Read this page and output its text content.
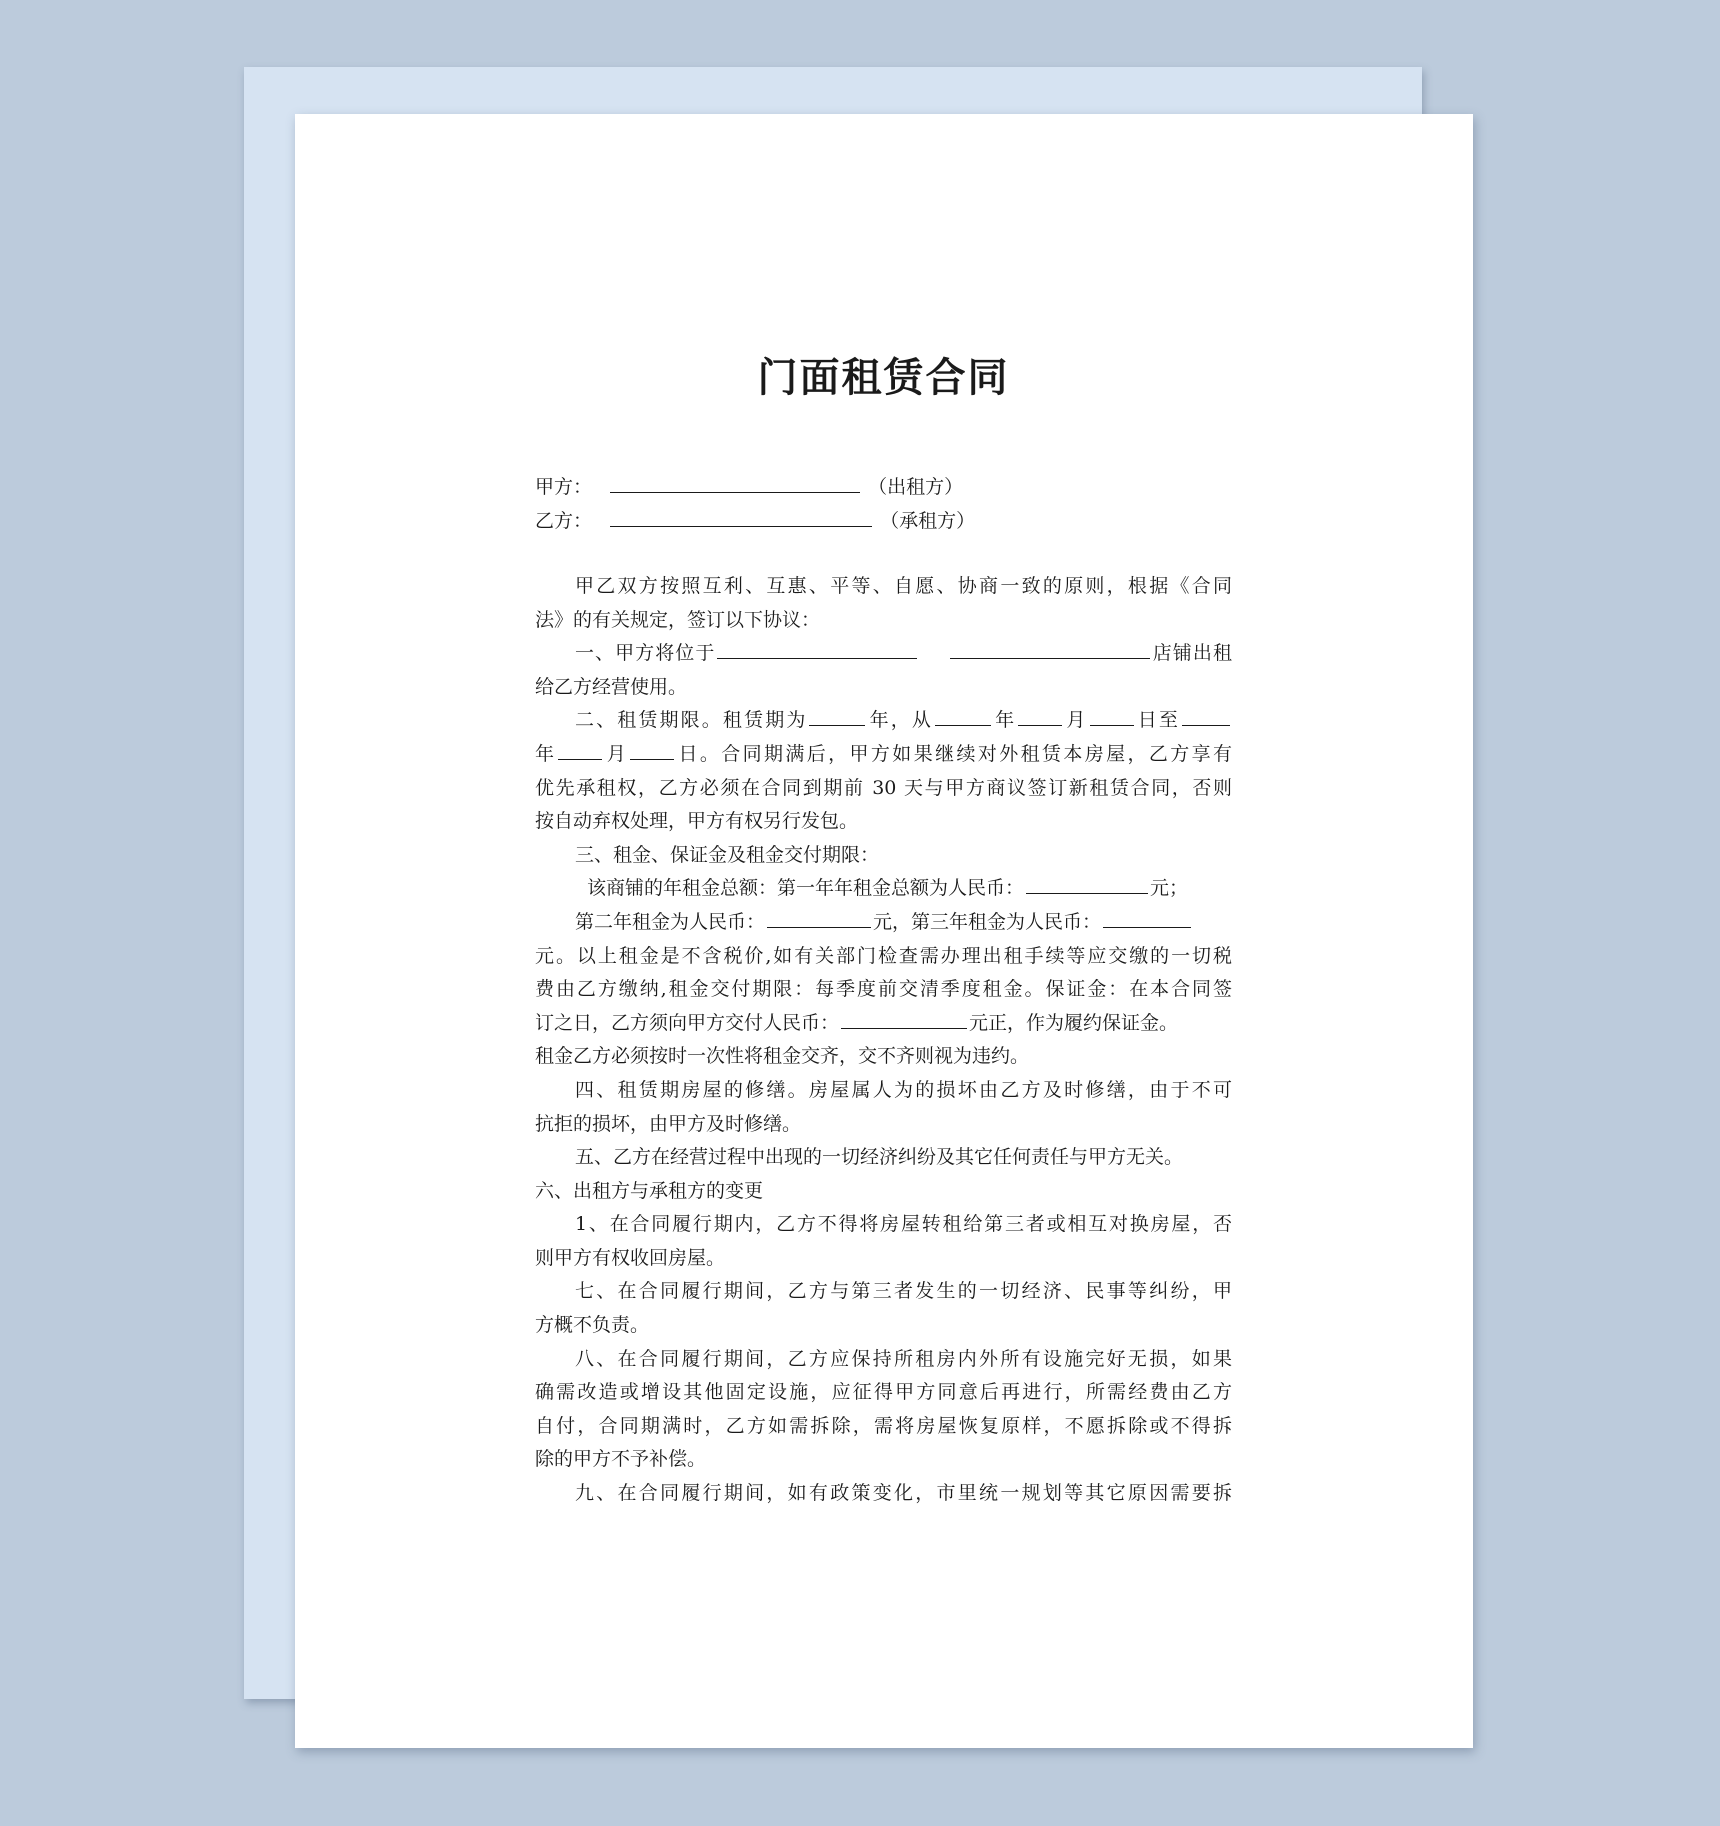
门面租赁合同
甲方：	（出租方）
乙方：	（承租方）
甲乙双方按照互利、互惠、平等、自愿、协商一致的原则，根据《合同
法》的有关规定，签订以下协议：
一、甲方将位于	店铺出租
给乙方经营使用。
二、租赁期限。租赁期为	年，从	年	月	日至
年	月	日。合同期满后，甲方如果继续对外租赁本房屋，乙方享有
优先承租权，乙方必须在合同到期前 30 天与甲方商议签订新租赁合同，否则
按自动弃权处理，甲方有权另行发包。
三、租金、保证金及租金交付期限：
该商铺的年租金总额：第一年年租金总额为人民币：	元；
第二年租金为人民币：	元，第三年租金为人民币：
元。以上租金是不含税价,如有关部门检查需办理出租手续等应交缴的一切税
费由乙方缴纳,租金交付期限：每季度前交清季度租金。保证金：在本合同签
订之日，乙方须向甲方交付人民币：	元正，作为履约保证金。
租金乙方必须按时一次性将租金交齐，交不齐则视为违约。
四、租赁期房屋的修缮。房屋属人为的损坏由乙方及时修缮，由于不可
抗拒的损坏，由甲方及时修缮。
五、乙方在经营过程中出现的一切经济纠纷及其它任何责任与甲方无关。
六、出租方与承租方的变更
1、在合同履行期内，乙方不得将房屋转租给第三者或相互对换房屋，否
则甲方有权收回房屋。
七、在合同履行期间，乙方与第三者发生的一切经济、民事等纠纷，甲
方概不负责。
八、在合同履行期间，乙方应保持所租房内外所有设施完好无损，如果
确需改造或增设其他固定设施，应征得甲方同意后再进行，所需经费由乙方
自付，合同期满时，乙方如需拆除，需将房屋恢复原样，不愿拆除或不得拆
除的甲方不予补偿。
九、在合同履行期间，如有政策变化，市里统一规划等其它原因需要拆
